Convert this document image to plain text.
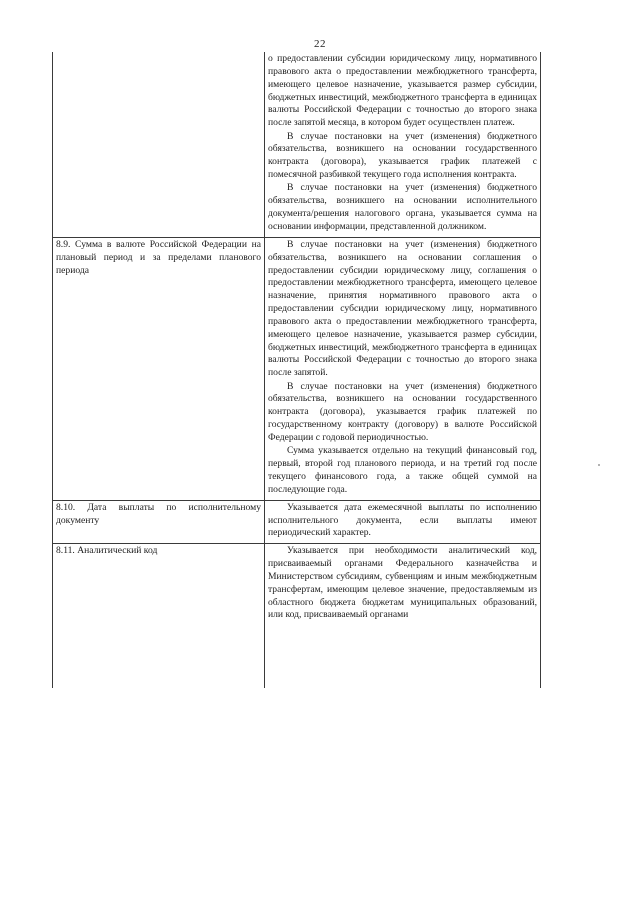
22

	о предоставлении субсидии юридическому лицу, нормативного правового акта о предоставлении межбюджетного трансферта, имеющего целевое назначение, указывается размер субсидии, бюджетных инвестиций, межбюджетного трансферта в единицах валюты Российской Федерации с точностью до второго знака после запятой месяца, в котором будет осуществлен платеж.

В случае постановки на учет (изменения) бюджетного обязательства, возникшего на основании государственного контракта (договора), указывается график платежей с помесячной разбивкой текущего года исполнения контракта.

В случае постановки на учет (изменения) бюджетного обязательства, возникшего на основании исполнительного документа/решения налогового органа, указывается сумма на основании информации, представленной должником.

8.9. Сумма в валюте Российской Федерации на плановый период и за пределами планового периода	В случае постановки на учет (изменения) бюджетного обязательства, возникшего на основании соглашения о предоставлении субсидии юридическому лицу, соглашения о предоставлении межбюджетного трансферта, имеющего целевое назначение, принятия нормативного правового акта о предоставлении субсидии юридическому лицу, нормативного правового акта о предоставлении межбюджетного трансферта, имеющего целевое назначение, указывается размер субсидии, бюджетных инвестиций, межбюджетного трансферта в единицах валюты Российской Федерации с точностью до второго знака после запятой.

В случае постановки на учет (изменения) бюджетного обязательства, возникшего на основании государственного контракта (договора), указывается график платежей по государственному контракту (договору) в валюте Российской Федерации с годовой периодичностью.

Сумма указывается отдельно на текущий финансовый год, первый, второй год планового периода, и на третий год после текущего финансового года, а также общей суммой на последующие года.

8.10. Дата выплаты по исполнительному документу	Указывается дата ежемесячной выплаты по исполнению исполнительного документа, если выплаты имеют периодический характер.

8.11. Аналитический код	Указывается при необходимости аналитический код, присваиваемый органами Федерального казначейства и Министерством субсидиям, субвенциям и иным межбюджетным трансфертам, имеющим целевое значение, предоставляемым из областного бюджета бюджетам муниципальных образований, или код, присваиваемый органами
